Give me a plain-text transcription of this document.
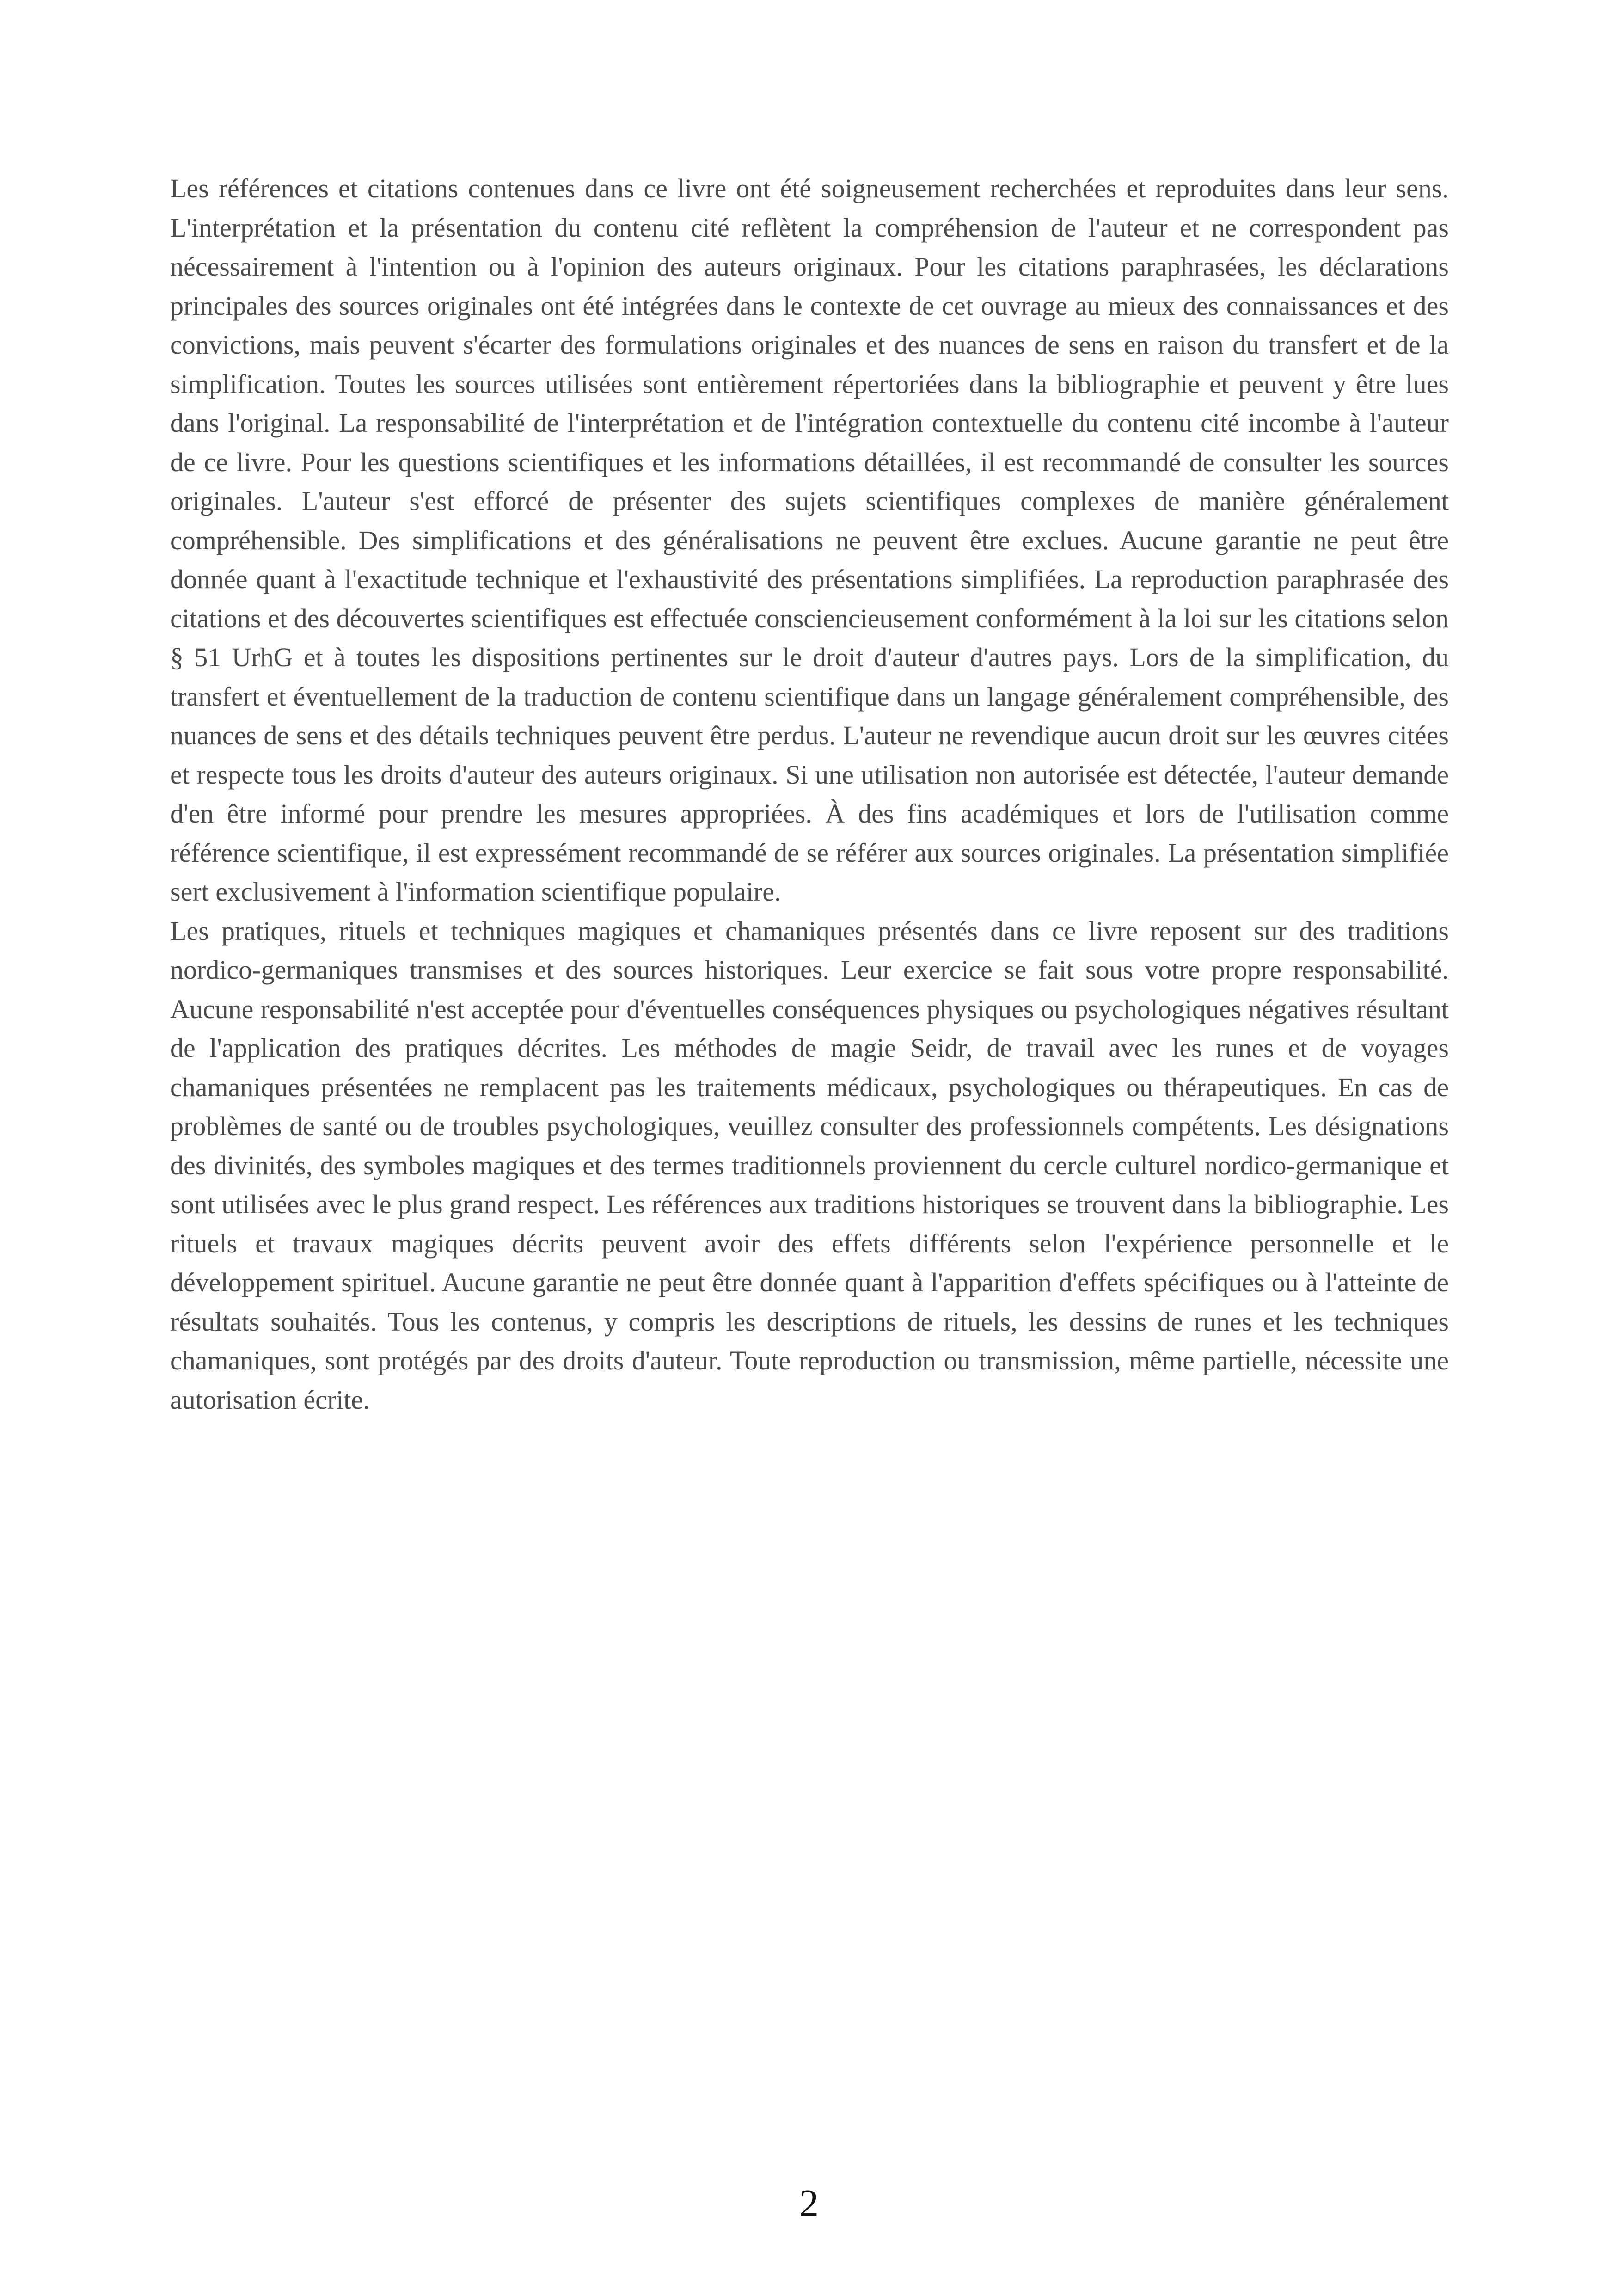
Les références et citations contenues dans ce livre ont été soigneusement recherchées et reproduites dans leur sens. L'interprétation et la présentation du contenu cité reflètent la compréhension de l'auteur et ne correspondent pas nécessairement à l'intention ou à l'opinion des auteurs originaux. Pour les citations paraphrasées, les déclarations principales des sources originales ont été intégrées dans le contexte de cet ouvrage au mieux des connaissances et des convictions, mais peuvent s'écarter des formulations originales et des nuances de sens en raison du transfert et de la simplification. Toutes les sources utilisées sont entièrement répertoriées dans la bibliographie et peuvent y être lues dans l'original. La responsabilité de l'interprétation et de l'intégration contextuelle du contenu cité incombe à l'auteur de ce livre. Pour les questions scientifiques et les informations détaillées, il est recommandé de consulter les sources originales. L'auteur s'est efforcé de présenter des sujets scientifiques complexes de manière généralement compréhensible. Des simplifications et des généralisations ne peuvent être exclues. Aucune garantie ne peut être donnée quant à l'exactitude technique et l'exhaustivité des présentations simplifiées. La reproduction paraphrasée des citations et des découvertes scientifiques est effectuée consciencieusement conformément à la loi sur les citations selon § 51 UrhG et à toutes les dispositions pertinentes sur le droit d'auteur d'autres pays. Lors de la simplification, du transfert et éventuellement de la traduction de contenu scientifique dans un langage généralement compréhensible, des nuances de sens et des détails techniques peuvent être perdus. L'auteur ne revendique aucun droit sur les œuvres citées et respecte tous les droits d'auteur des auteurs originaux. Si une utilisation non autorisée est détectée, l'auteur demande d'en être informé pour prendre les mesures appropriées. À des fins académiques et lors de l'utilisation comme référence scientifique, il est expressément recommandé de se référer aux sources originales. La présentation simplifiée sert exclusivement à l'information scientifique populaire.

Les pratiques, rituels et techniques magiques et chamaniques présentés dans ce livre reposent sur des traditions nordico-germaniques transmises et des sources historiques. Leur exercice se fait sous votre propre responsabilité. Aucune responsabilité n'est acceptée pour d'éventuelles conséquences physiques ou psychologiques négatives résultant de l'application des pratiques décrites. Les méthodes de magie Seidr, de travail avec les runes et de voyages chamaniques présentées ne remplacent pas les traitements médicaux, psychologiques ou thérapeutiques. En cas de problèmes de santé ou de troubles psychologiques, veuillez consulter des professionnels compétents. Les désignations des divinités, des symboles magiques et des termes traditionnels proviennent du cercle culturel nordico-germanique et sont utilisées avec le plus grand respect. Les références aux traditions historiques se trouvent dans la bibliographie. Les rituels et travaux magiques décrits peuvent avoir des effets différents selon l'expérience personnelle et le développement spirituel. Aucune garantie ne peut être donnée quant à l'apparition d'effets spécifiques ou à l'atteinte de résultats souhaités. Tous les contenus, y compris les descriptions de rituels, les dessins de runes et les techniques chamaniques, sont protégés par des droits d'auteur. Toute reproduction ou transmission, même partielle, nécessite une autorisation écrite.

2
